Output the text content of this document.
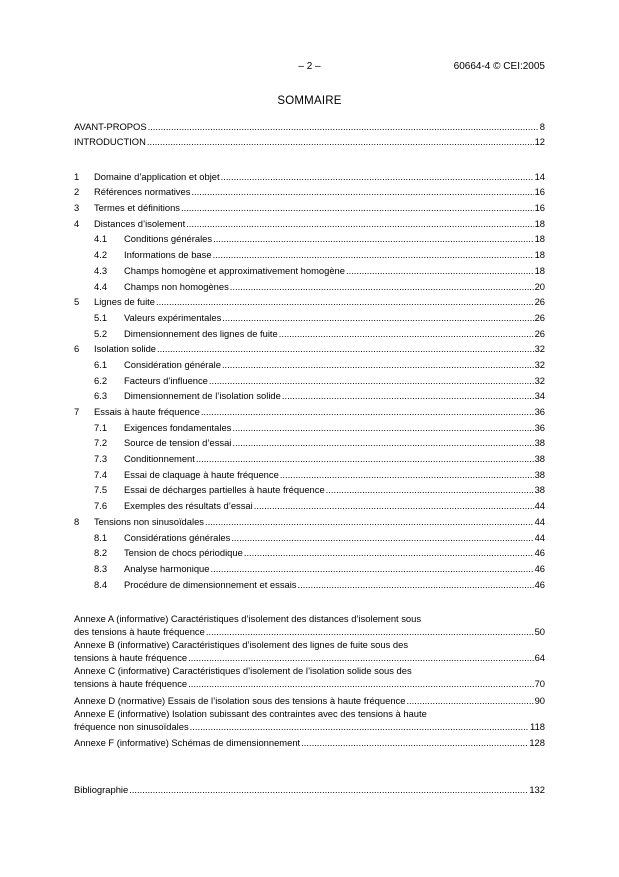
– 2 –	60664-4 © CEI:2005
SOMMAIRE
AVANT-PROPOS .....	8
INTRODUCTION .....	12
1	Domaine d’application et objet .....	14
2	Références normatives .....	16
3	Termes et définitions .....	16
4	Distances d’isolement .....	18
4.1	Conditions générales .....	18
4.2	Informations de base .....	18
4.3	Champs homogène et approximativement homogène .....	18
4.4	Champs non homogènes .....	20
5	Lignes de fuite .....	26
5.1	Valeurs expérimentales .....	26
5.2	Dimensionnement des lignes de fuite .....	26
6	Isolation solide .....	32
6.1	Considération générale .....	32
6.2	Facteurs d’influence .....	32
6.3	Dimensionnement de l’isolation solide .....	34
7	Essais à haute fréquence .....	36
7.1	Exigences fondamentales .....	36
7.2	Source de tension d’essai .....	38
7.3	Conditionnement .....	38
7.4	Essai de claquage à haute fréquence .....	38
7.5	Essai de décharges partielles à haute fréquence .....	38
7.6	Exemples des résultats d’essai .....	44
8	Tensions non sinusoïdales .....	44
8.1	Considérations générales .....	44
8.2	Tension de chocs périodique .....	46
8.3	Analyse harmonique .....	46
8.4	Procédure de dimensionnement et essais .....	46
Annexe A (informative) Caractéristiques d’isolement des distances d’isolement sous
des tensions à haute fréquence .....	50
Annexe B (informative) Caractéristiques d’isolement des lignes de fuite sous des
tensions à haute fréquence .....	64
Annexe C (informative) Caractéristiques d’isolement de l’isolation solide sous des
tensions à haute fréquence .....	70
Annexe D (normative) Essais de l’isolation sous des tensions à haute fréquence .....	90
Annexe E (informative) Isolation subissant des contraintes avec des tensions à haute
fréquence non sinusoïdales .....	118
Annexe F (informative) Schémas de dimensionnement .....	128
Bibliographie .....	132
